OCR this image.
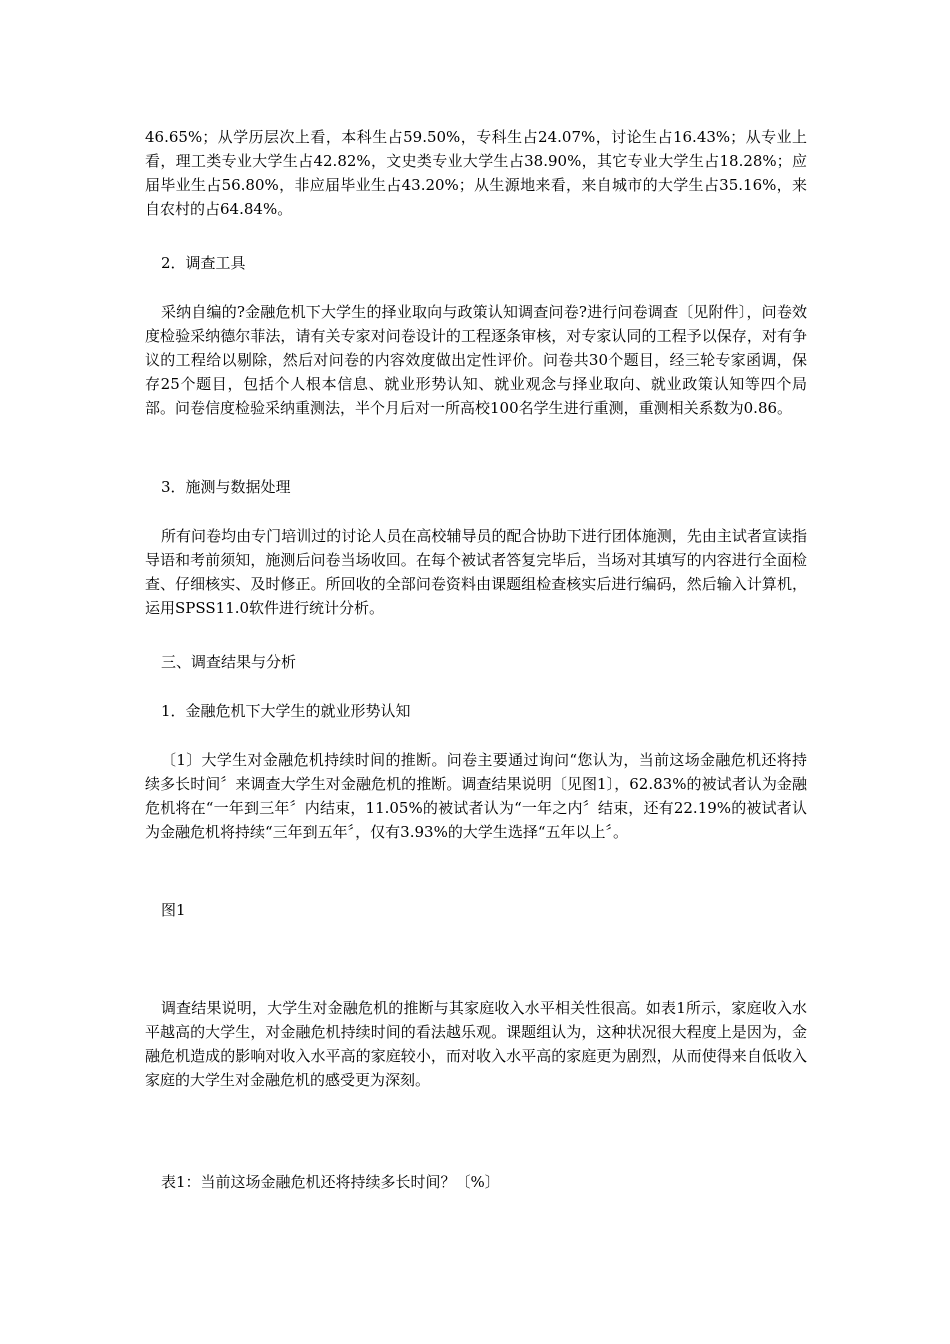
46.65%；从学历层次上看，本科生占59.50%，专科生占24.07%，讨论生占16.43%；从专业上看，理工类专业大学生占42.82%，文史类专业大学生占38.90%，其它专业大学生占18.28%；应届毕业生占56.80%，非应届毕业生占43.20%；从生源地来看，来自城市的大学生占35.16%，来自农村的占64.84%。
2．调查工具
采纳自编的?金融危机下大学生的择业取向与政策认知调查问卷?进行问卷调查〔见附件〕，问卷效度检验采纳德尔菲法，请有关专家对问卷设计的工程逐条审核，对专家认同的工程予以保存，对有争议的工程给以剔除，然后对问卷的内容效度做出定性评价。问卷共30个题目，经三轮专家函调，保存25个题目，包括个人根本信息、就业形势认知、就业观念与择业取向、就业政策认知等四个局部。问卷信度检验采纳重测法，半个月后对一所高校100名学生进行重测，重测相关系数为0.86。
3．施测与数据处理
所有问卷均由专门培训过的讨论人员在高校辅导员的配合协助下进行团体施测，先由主试者宣读指导语和考前须知，施测后问卷当场收回。在每个被试者答复完毕后，当场对其填写的内容进行全面检查、仔细核实、及时修正。所回收的全部问卷资料由课题组检查核实后进行编码，然后输入计算机，运用SPSS11.0软件进行统计分析。
三、调查结果与分析
1．金融危机下大学生的就业形势认知
〔1〕大学生对金融危机持续时间的推断。问卷主要通过询问“您认为，当前这场金融危机还将持续多长时间〞来调查大学生对金融危机的推断。调查结果说明〔见图1〕，62.83%的被试者认为金融危机将在“一年到三年〞内结束，11.05%的被试者认为“一年之内〞结束，还有22.19%的被试者认为金融危机将持续“三年到五年〞，仅有3.93%的大学生选择“五年以上〞。
图1
调查结果说明，大学生对金融危机的推断与其家庭收入水平相关性很高。如表1所示，家庭收入水平越高的大学生，对金融危机持续时间的看法越乐观。课题组认为，这种状况很大程度上是因为，金融危机造成的影响对收入水平高的家庭较小，而对收入水平高的家庭更为剧烈，从而使得来自低收入家庭的大学生对金融危机的感受更为深刻。
表1：当前这场金融危机还将持续多长时间？〔%〕
